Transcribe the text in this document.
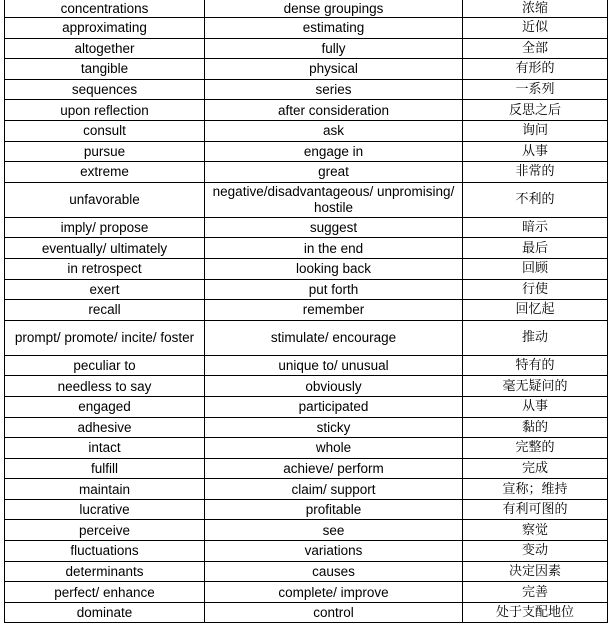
concentrations	dense groupings	浓缩
approximating	estimating	近似
altogether	fully	全部
tangible	physical	有形的
sequences	series	一系列
upon reflection	after consideration	反思之后
consult	ask	询问
pursue	engage in	从事
extreme	great	非常的
unfavorable	negative/disadvantageous/ unpromising/ hostile	不利的
imply/ propose	suggest	暗示
eventually/ ultimately	in the end	最后
in retrospect	looking back	回顾
exert	put forth	行使
recall	remember	回忆起
prompt/ promote/ incite/ foster	stimulate/ encourage	推动
peculiar to	unique to/ unusual	特有的
needless to say	obviously	毫无疑问的
engaged	participated	从事
adhesive	sticky	黏的
intact	whole	完整的
fulfill	achieve/ perform	完成
maintain	claim/ support	宣称；维持
lucrative	profitable	有利可图的
perceive	see	察觉
fluctuations	variations	变动
determinants	causes	决定因素
perfect/ enhance	complete/ improve	完善
dominate	control	处于支配地位
